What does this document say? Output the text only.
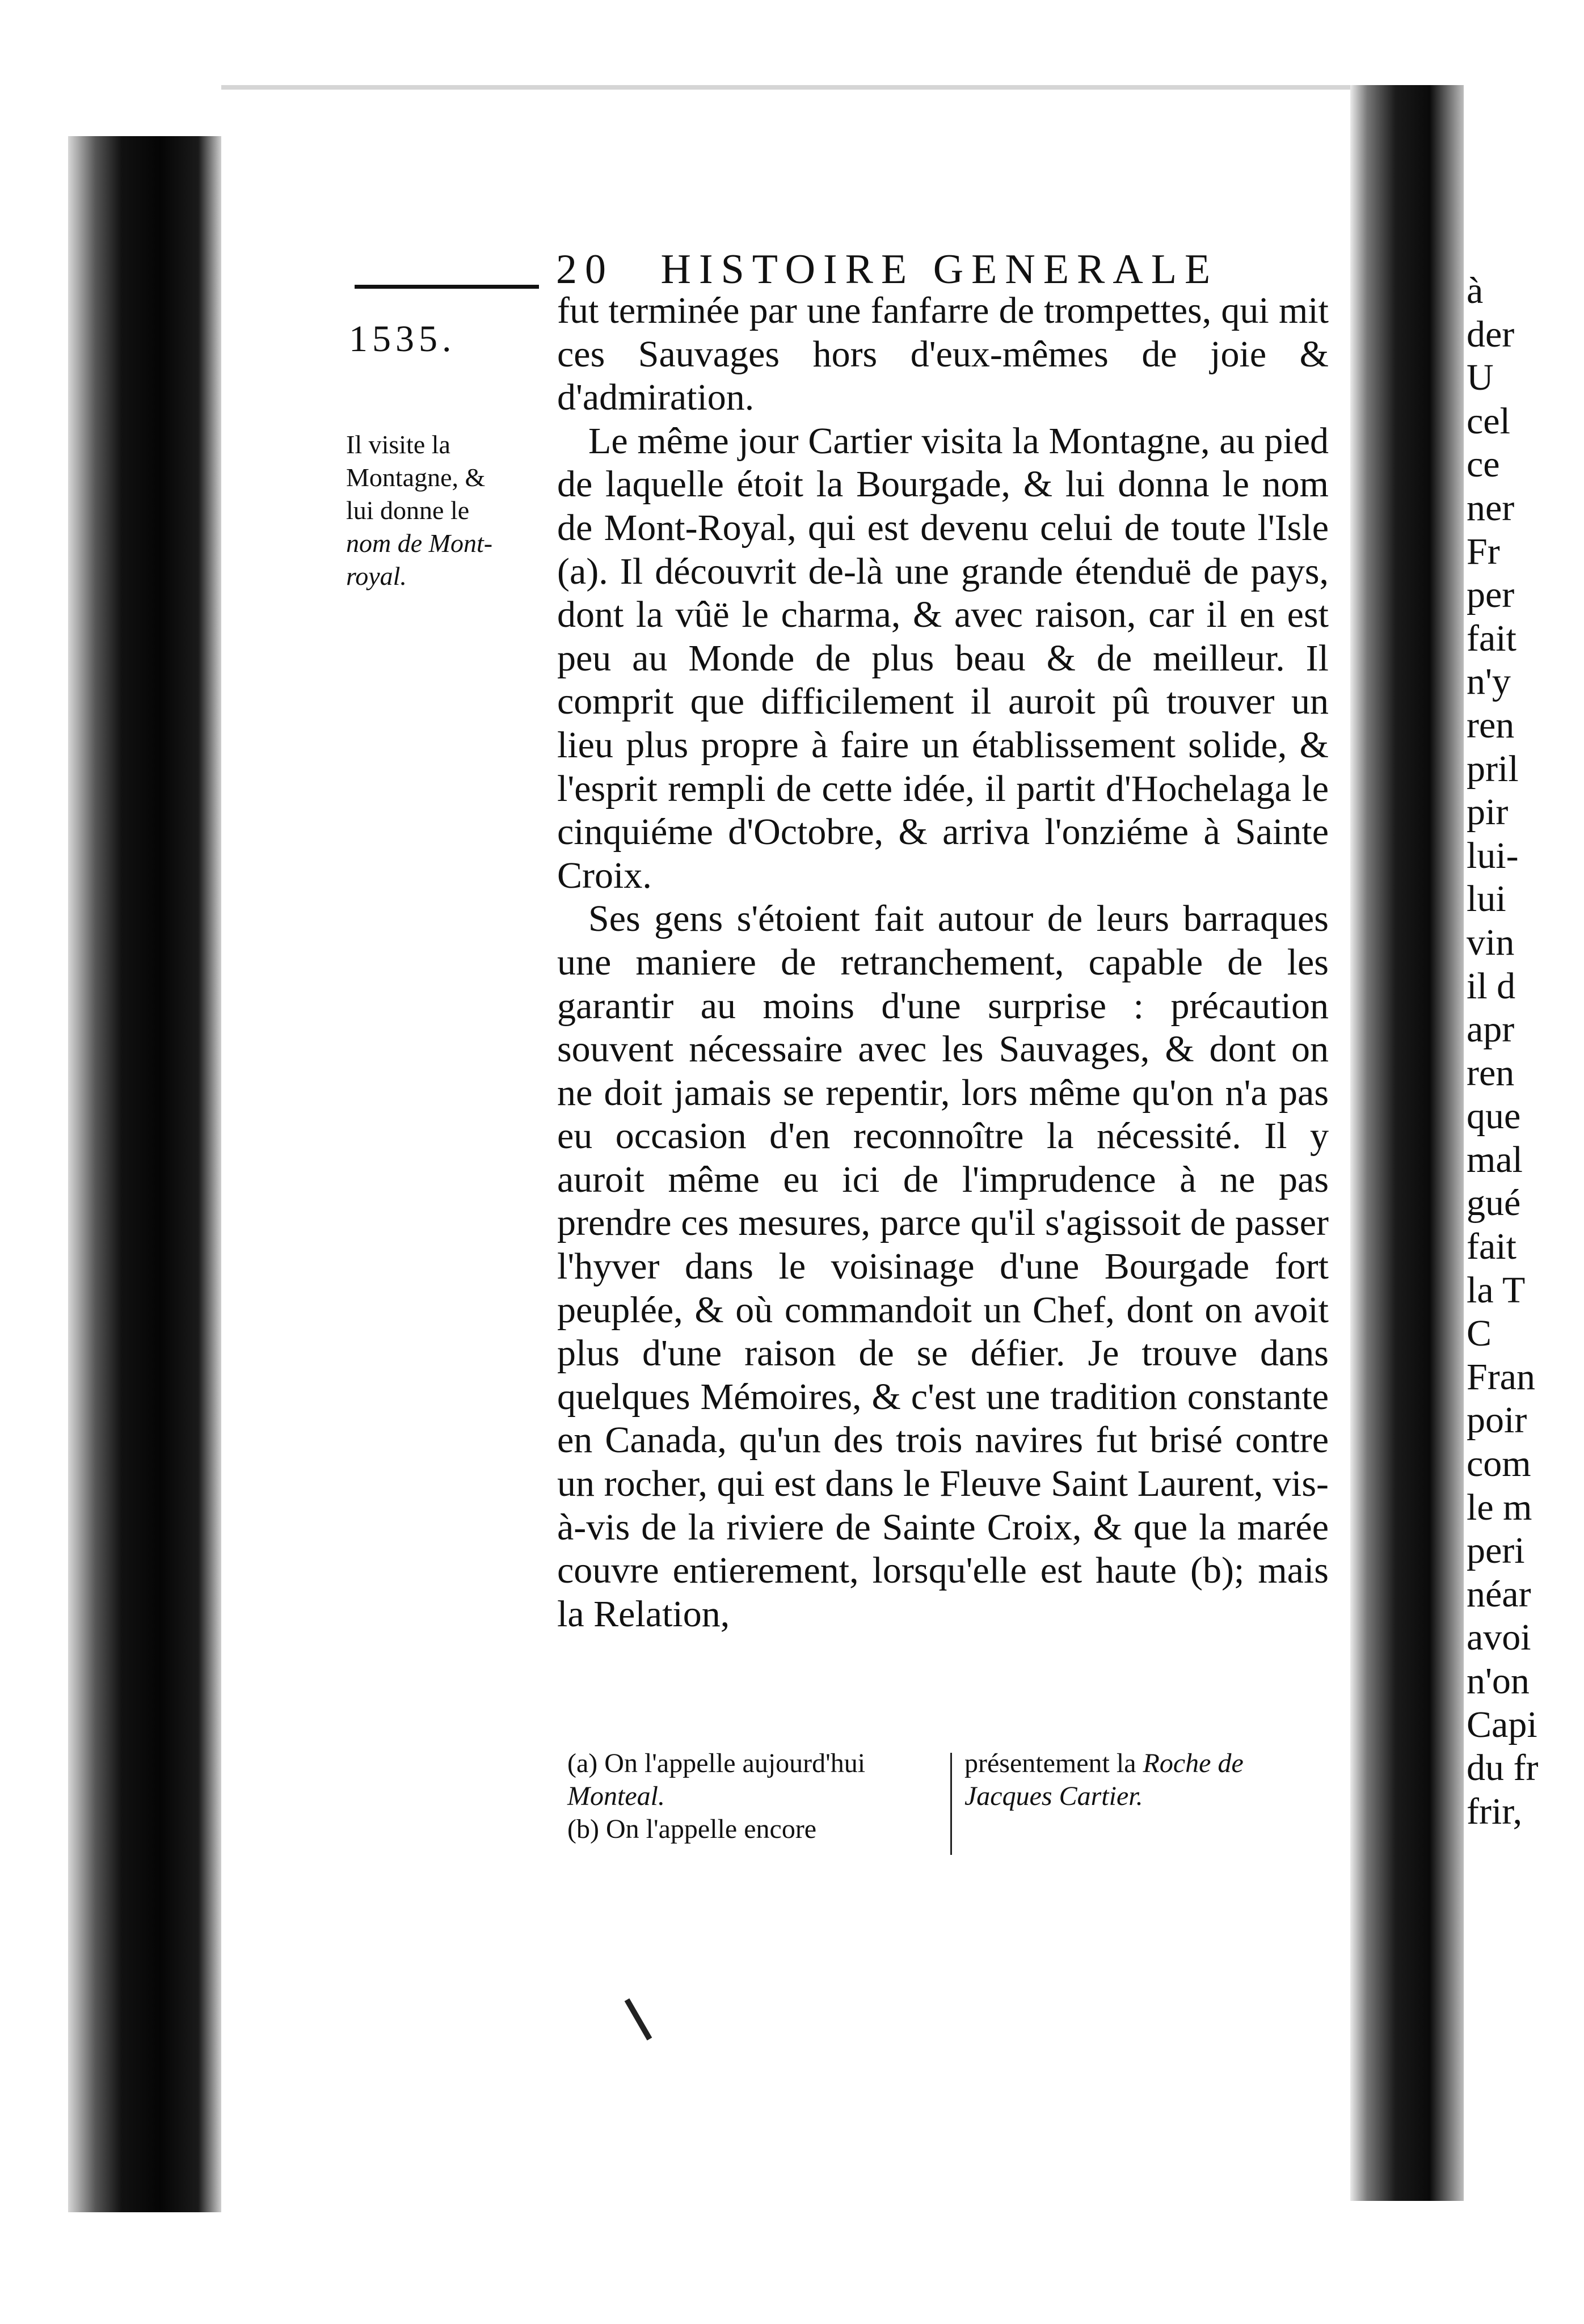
20 HISTOIRE GENERALE
1535.
Il visite la
Montagne, &
lui donne le
nom de Mont-
royal.

fut terminée par une fanfarre de trompettes, qui mit ces Sauvages hors d'eux-mêmes de joie & d'admiration.

Le même jour Cartier visita la Montagne, au pied de laquelle étoit la Bourgade, & lui donna le nom de Mont-Royal, qui est devenu celui de toute l'Isle (a). Il découvrit de-là une grande étenduë de pays, dont la vûë le charma, & avec raison, car il en est peu au Monde de plus beau & de meilleur. Il comprit que difficilement il auroit pû trouver un lieu plus propre à faire un établissement solide, & l'esprit rempli de cette idée, il partit d'Hochelaga le cinquiéme d'Octobre, & arriva l'onziéme à Sainte Croix.

Ses gens s'étoient fait autour de leurs barraques une maniere de retranchement, capable de les garantir au moins d'une surprise : précaution souvent nécessaire avec les Sauvages, & dont on ne doit jamais se repentir, lors même qu'on n'a pas eu occasion d'en reconnoître la nécessité. Il y auroit même eu ici de l'imprudence à ne pas prendre ces mesures, parce qu'il s'agissoit de passer l'hyver dans le voisinage d'une Bourgade fort peuplée, & où commandoit un Chef, dont on avoit plus d'une raison de se défier. Je trouve dans quelques Mémoires, & c'est une tradition constante en Canada, qu'un des trois navires fut brisé contre un rocher, qui est dans le Fleuve Saint Laurent, vis-à-vis de la riviere de Sainte Croix, & que la marée couvre entierement, lorsqu'elle est haute (b); mais la Relation,

(a) On l'appelle aujourd'hui Monteal.

(b) On l'appelle encore

présentement la Roche de Jacques Cartier.

à
der
U
cel
ce
ner
Fr
per
fait
n'y
ren
pril
pir
lui-
lui
vin
il d
apr
ren
que
mal
gué
fait
la T
C
Fran
poir
com
le m
peri
néar
avoi
n'on
Capi
du fr
frir,
